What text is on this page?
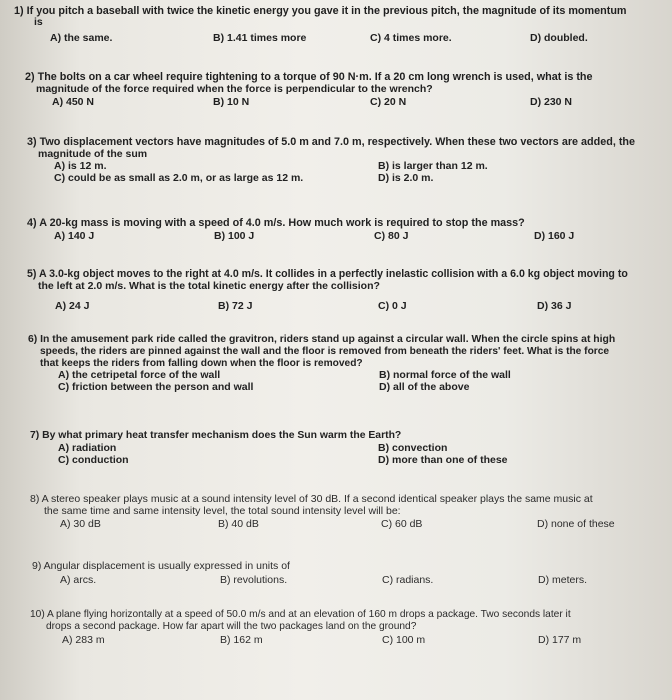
1) If you pitch a baseball with twice the kinetic energy you gave it in the previous pitch, the magnitude of its momentum
is
A) the same.	B) 1.41 times more	C) 4 times more.	D) doubled.
2) The bolts on a car wheel require tightening to a torque of 90 N·m. If a 20 cm long wrench is used, what is the
magnitude of the force required when the force is perpendicular to the wrench?
A) 450 N	B) 10 N	C) 20 N	D) 230 N
3) Two displacement vectors have magnitudes of 5.0 m and 7.0 m, respectively. When these two vectors are added, the
magnitude of the sum
A) is 12 m.	B) is larger than 12 m.
C) could be as small as 2.0 m, or as large as 12 m.	D) is 2.0 m.
4) A 20-kg mass is moving with a speed of 4.0 m/s. How much work is required to stop the mass?
A) 140 J	B) 100 J	C) 80 J	D) 160 J
5) A 3.0-kg object moves to the right at 4.0 m/s. It collides in a perfectly inelastic collision with a 6.0 kg object moving to
the left at 2.0 m/s. What is the total kinetic energy after the collision?
A) 24 J	B) 72 J	C) 0 J	D) 36 J
6) In the amusement park ride called the gravitron, riders stand up against a circular wall. When the circle spins at high
speeds, the riders are pinned against the wall and the floor is removed from beneath the riders' feet. What is the force
that keeps the riders from falling down when the floor is removed?
A) the cetripetal force of the wall	B) normal force of the wall
C) friction between the person and wall	D) all of the above
7) By what primary heat transfer mechanism does the Sun warm the Earth?
A) radiation	B) convection
C) conduction	D) more than one of these
8) A stereo speaker plays music at a sound intensity level of 30 dB. If a second identical speaker plays the same music at
the same time and same intensity level, the total sound intensity level will be:
A) 30 dB	B) 40 dB	C) 60 dB	D) none of these
9) Angular displacement is usually expressed in units of
A) arcs.	B) revolutions.	C) radians.	D) meters.
10) A plane flying horizontally at a speed of 50.0 m/s and at an elevation of 160 m drops a package. Two seconds later it
drops a second package. How far apart will the two packages land on the ground?
A) 283 m	B) 162 m	C) 100 m	D) 177 m
